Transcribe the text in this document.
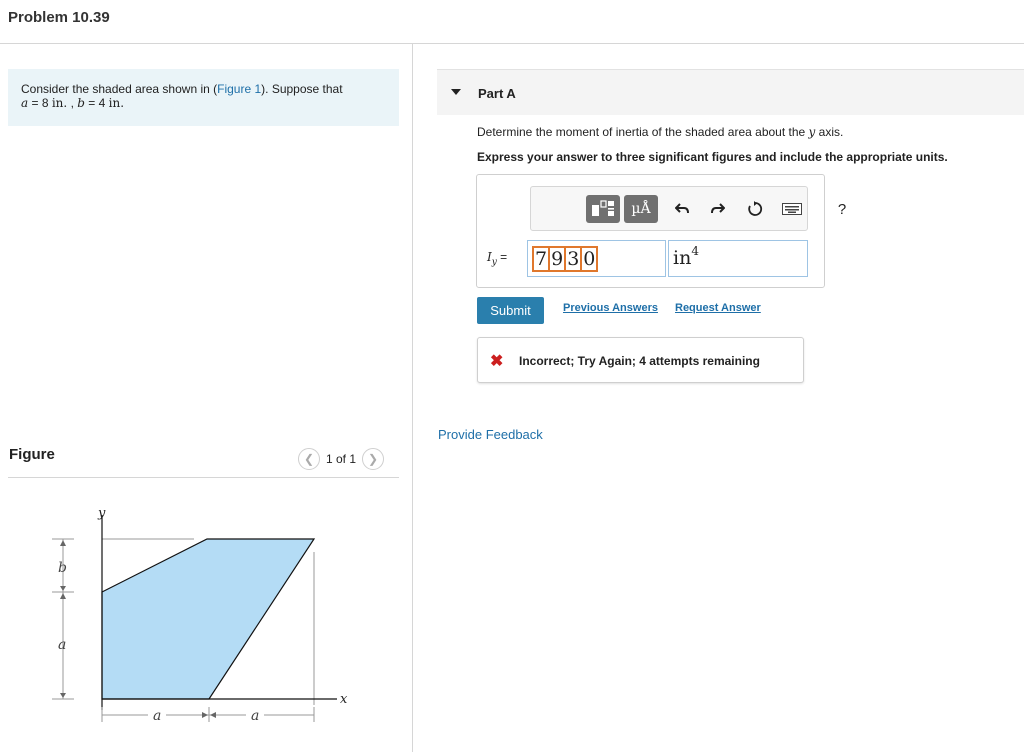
Problem 10.39
Consider the shaded area shown in (Figure 1). Suppose that
a = 8 in. , b = 4 in.
Figure	❮ 1 of 1 ❯
y
x
b
a
a	a
Part A
Determine the moment of inertia of the shaded area about the y axis.
Express your answer to three significant figures and include the appropriate units.
µÅ	?
$I_y = 7$ 9 3 0	$in^4$
Submit	Previous Answers Request Answer
✖ Incorrect; Try Again; 4 attempts remaining
Provide Feedback
